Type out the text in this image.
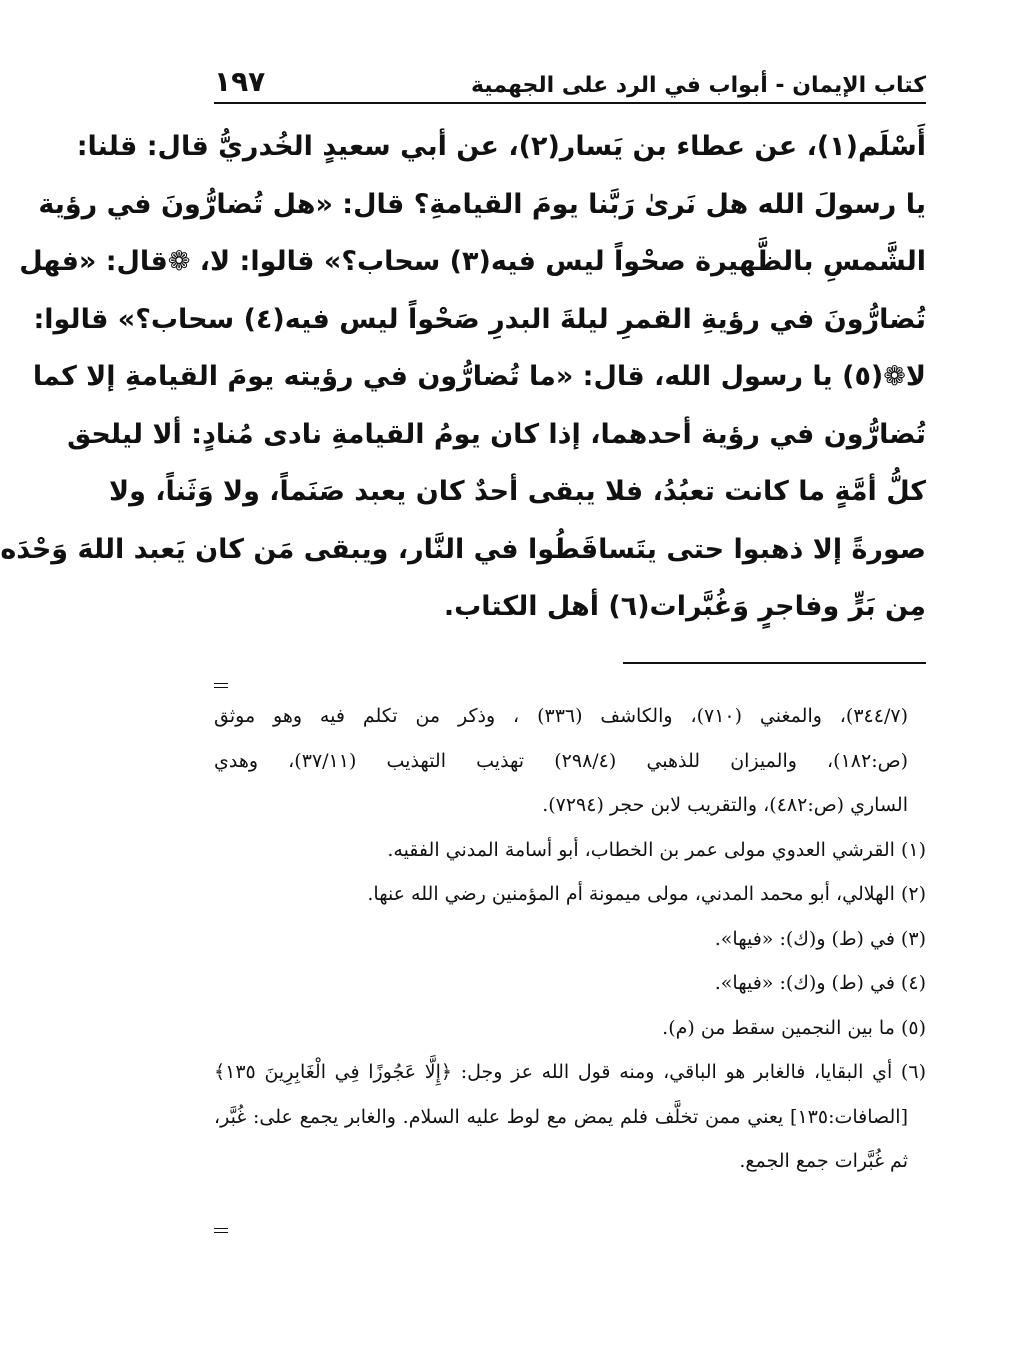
كتاب الإيمان - أبواب في الرد على الجهمية
١٩٧
أَسْلَم(١)، عن عطاء بن يَسار(٢)، عن أبي سعيدٍ الخُدريُّ قال: قلنا:
يا رسولَ الله هل نَرىٰ رَبَّنا يومَ القيامةِ؟ قال: «هل تُضارُّونَ في رؤية
الشَّمسِ بالظَّهيرة صحْواً ليس فيه(٣) سحاب؟» قالوا: لا، ❁قال: «فهل
تُضارُّونَ في رؤيةِ القمرِ ليلةَ البدرِ صَحْواً ليس فيه(٤) سحاب؟» قالوا:
لا❁(٥) يا رسول الله، قال: «ما تُضارُّون في رؤيته يومَ القيامةِ إلا كما
تُضارُّون في رؤية أحدهما، إذا كان يومُ القيامةِ نادى مُنادٍ: ألا ليلحق
كلُّ أمَّةٍ ما كانت تعبُدُ، فلا يبقى أحدٌ كان يعبد صَنَماً، ولا وَثَناً، ولا
صورةً إلا ذهبوا حتى يتَساقَطُوا في النَّار، ويبقى مَن كان يَعبد اللهَ وَحْدَه
مِن بَرٍّ وفاجرٍ وَغُبَّرات(٦) أهل الكتاب.
(٣٤٤/٧)، والمغني (٧١٠)، والكاشف (٣٣٦) ، وذكر من تكلم فيه وهو موثق
(ص:١٨٢)، والميزان للذهبي (٢٩٨/٤) تهذيب التهذيب (٣٧/١١)، وهدي
الساري (ص:٤٨٢)، والتقريب لابن حجر (٧٢٩٤).
(١) القرشي العدوي مولى عمر بن الخطاب، أبو أسامة المدني الفقيه.
(٢) الهلالي، أبو محمد المدني، مولى ميمونة أم المؤمنين رضي الله عنها.
(٣) في (ط) و(ك): «فيها».
(٤) في (ط) و(ك): «فيها».
(٥) ما بين النجمين سقط من (م).
(٦) أي البقايا، فالغابر هو الباقي، ومنه قول الله عز وجل: ﴿إِلَّا عَجُوزًا فِي الْغَابِرِينَ ١٣٥﴾
[الصافات:١٣٥] يعني ممن تخلَّف فلم يمض مع لوط عليه السلام. والغابر يجمع على: غُبَّر،
ثم غُبَّرات جمع الجمع.
